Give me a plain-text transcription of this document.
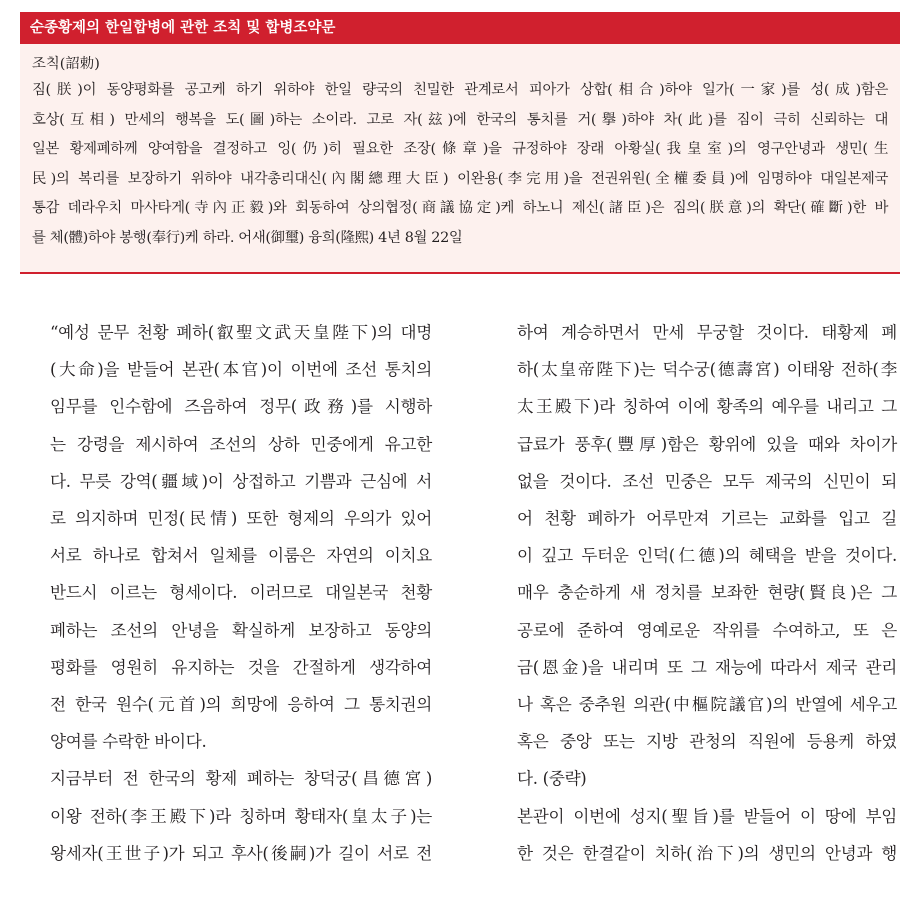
순종황제의 한일합병에 관한 조칙 및 합병조약문
조칙(詔勅)
짐(朕)이 동양평화를 공고케 하기 위하야 한일 량국의 친밀한 관계로서 피아가 상합(相合)하야 일가(一家)를 성(成)함은
호상(互相) 만세의 행복을 도(圖)하는 소이라. 고로 자(玆)에 한국의 통치를 거(擧)하야 차(此)를 짐이 극히 신뢰하는 대
일본 황제폐하께 양여함을 결정하고 잉(仍)히 필요한 조장(條章)을 규정하야 장래 아황실(我皇室)의 영구안녕과 생민(生
民)의 복리를 보장하기 위하야 내각총리대신(內閣總理大臣) 이완용(李完用)을 전권위원(全權委員)에 임명하야 대일본제국
통감 데라우치 마사타게(寺內正毅)와 회동하여 상의협정(商議協定)케 하노니 제신(諸臣)은 짐의(朕意)의 확단(確斷)한 바
를 체(體)하야 봉행(奉行)케 하라. 어새(御璽) 융희(隆熙) 4년 8월 22일
“예성 문무 천황 폐하(叡聖文武天皇陛下)의 대명
(大命)을 받들어 본관(本官)이 이번에 조선 통치의
임무를 인수함에 즈음하여 정무(政務)를 시행하
는 강령을 제시하여 조선의 상하 민중에게 유고한
다. 무릇 강역(疆域)이 상접하고 기쁨과 근심에 서
로 의지하며 민정(民情) 또한 형제의 우의가 있어
서로 하나로 합쳐서 일체를 이룸은 자연의 이치요
반드시 이르는 형세이다. 이러므로 대일본국 천황
폐하는 조선의 안녕을 확실하게 보장하고 동양의
평화를 영원히 유지하는 것을 간절하게 생각하여
전 한국 원수(元首)의 희망에 응하여 그 통치권의
양여를 수락한 바이다.
지금부터 전 한국의 황제 폐하는 창덕궁(昌德宮)
이왕 전하(李王殿下)라 칭하며 황태자(皇太子)는
왕세자(王世子)가 되고 후사(後嗣)가 길이 서로 전
하여 계승하면서 만세 무궁할 것이다. 태황제 폐
하(太皇帝陛下)는 덕수궁(德壽宮) 이태왕 전하(李
太王殿下)라 칭하여 이에 황족의 예우를 내리고 그
급료가 풍후(豐厚)함은 황위에 있을 때와 차이가
없을 것이다. 조선 민중은 모두 제국의 신민이 되
어 천황 폐하가 어루만져 기르는 교화를 입고 길
이 깊고 두터운 인덕(仁德)의 혜택을 받을 것이다.
매우 충순하게 새 정치를 보좌한 현량(賢良)은 그
공로에 준하여 영예로운 작위를 수여하고, 또 은
금(恩金)을 내리며 또 그 재능에 따라서 제국 관리
나 혹은 중추원 의관(中樞院議官)의 반열에 세우고
혹은 중앙 또는 지방 관청의 직원에 등용케 하였
다. (중략)
본관이 이번에 성지(聖旨)를 받들어 이 땅에 부임
한 것은 한결같이 치하(治下)의 생민의 안녕과 행
